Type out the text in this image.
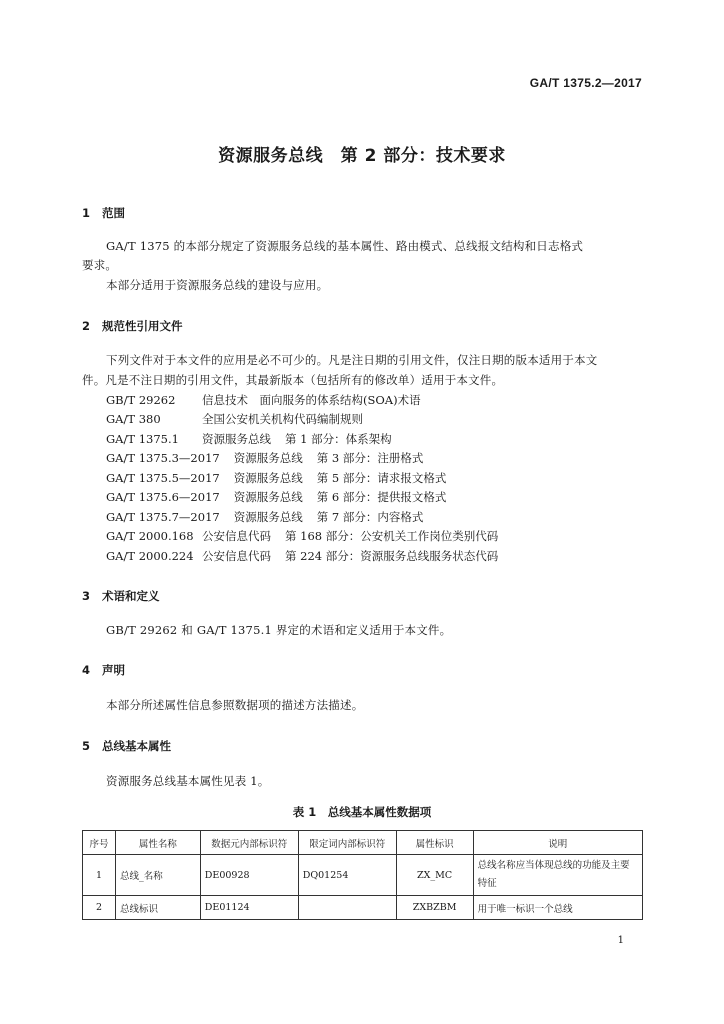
GA/T 1375.2—2017
资源服务总线　第 2 部分：技术要求
1 范围
GA/T 1375 的本部分规定了资源服务总线的基本属性、路由模式、总线报文结构和日志格式
要求。
本部分适用于资源服务总线的建设与应用。
2 规范性引用文件
下列文件对于本文件的应用是必不可少的。凡是注日期的引用文件，仅注日期的版本适用于本文
件。凡是不注日期的引用文件，其最新版本（包括所有的修改单）适用于本文件。
GB/T 29262 信息技术　面向服务的体系结构(SOA)术语
GA/T 380	全国公安机关机构代码编制规则
GA/T 1375.1 资源服务总线 第 1 部分：体系架构
GA/T 1375.3—2017 资源服务总线 第 3 部分：注册格式
GA/T 1375.5—2017 资源服务总线 第 5 部分：请求报文格式
GA/T 1375.6—2017 资源服务总线 第 6 部分：提供报文格式
GA/T 1375.7—2017 资源服务总线 第 7 部分：内容格式
GA/T 2000.168 公安信息代码 第 168 部分：公安机关工作岗位类别代码
GA/T 2000.224 公安信息代码 第 224 部分：资源服务总线服务状态代码
3 术语和定义
GB/T 29262 和 GA/T 1375.1 界定的术语和定义适用于本文件。
4 声明
本部分所述属性信息参照数据项的描述方法描述。
5 总线基本属性
资源服务总线基本属性见表 1。
表 1　总线基本属性数据项
序号	属性名称	数据元内部标识符	限定词内部标识符	属性标识	说明
1	总线_名称	DE00928	DQ01254	ZX_MC	总线名称应当体现总线的功能及主要特征
2	总线标识	DE01124		ZXBZBM	用于唯一标识一个总线
1
